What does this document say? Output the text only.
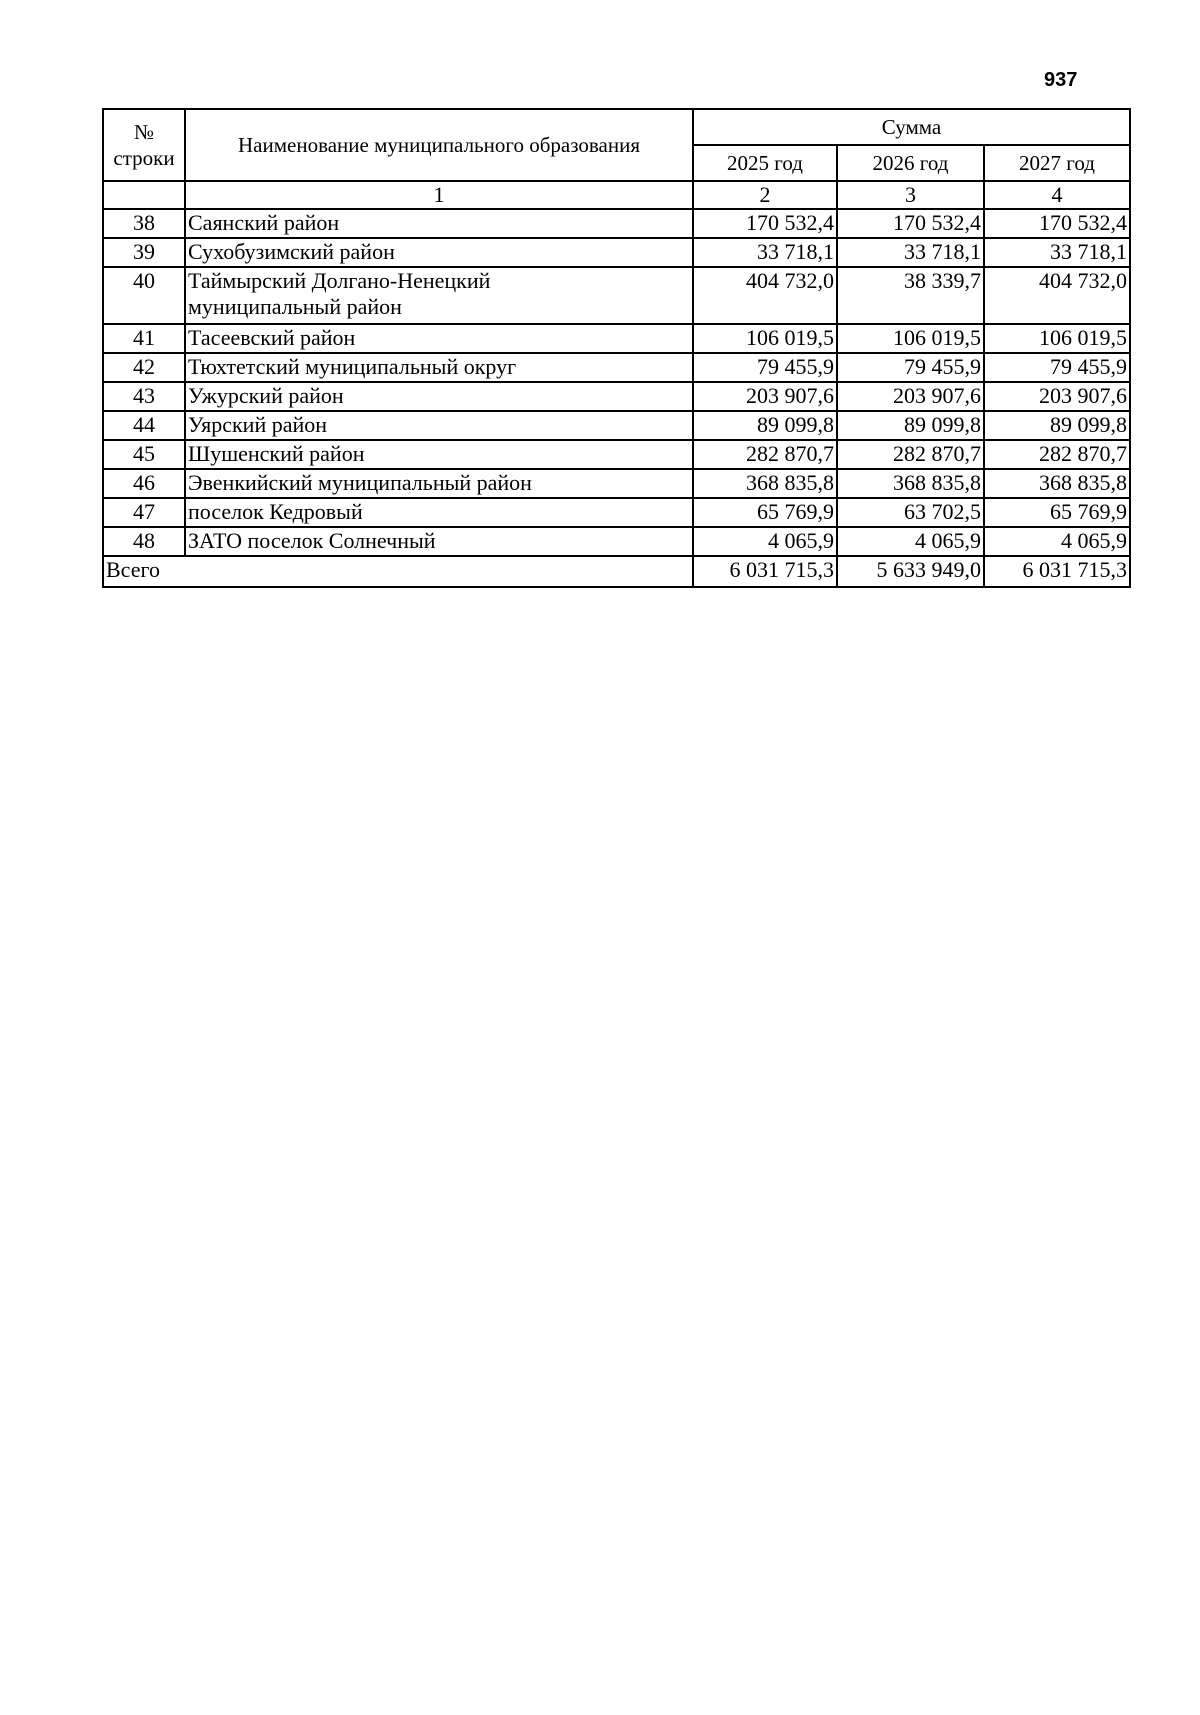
937
№ строки	Наименование муниципального образования	Сумма		
		2025 год	2026 год	2027 год
	1	2	3	4
38	Саянский район	170 532,4	170 532,4	170 532,4
39	Сухобузимский район	33 718,1	33 718,1	33 718,1
40	Таймырский Долгано-Ненецкий муниципальный район	404 732,0	38 339,7	404 732,0
41	Тасеевский район	106 019,5	106 019,5	106 019,5
42	Тюхтетский муниципальный округ	79 455,9	79 455,9	79 455,9
43	Ужурский район	203 907,6	203 907,6	203 907,6
44	Уярский район	89 099,8	89 099,8	89 099,8
45	Шушенский район	282 870,7	282 870,7	282 870,7
46	Эвенкийский муниципальный район	368 835,8	368 835,8	368 835,8
47	поселок Кедровый	65 769,9	63 702,5	65 769,9
48	ЗАТО поселок Солнечный	4 065,9	4 065,9	4 065,9
Всего		6 031 715,3	5 633 949,0	6 031 715,3
